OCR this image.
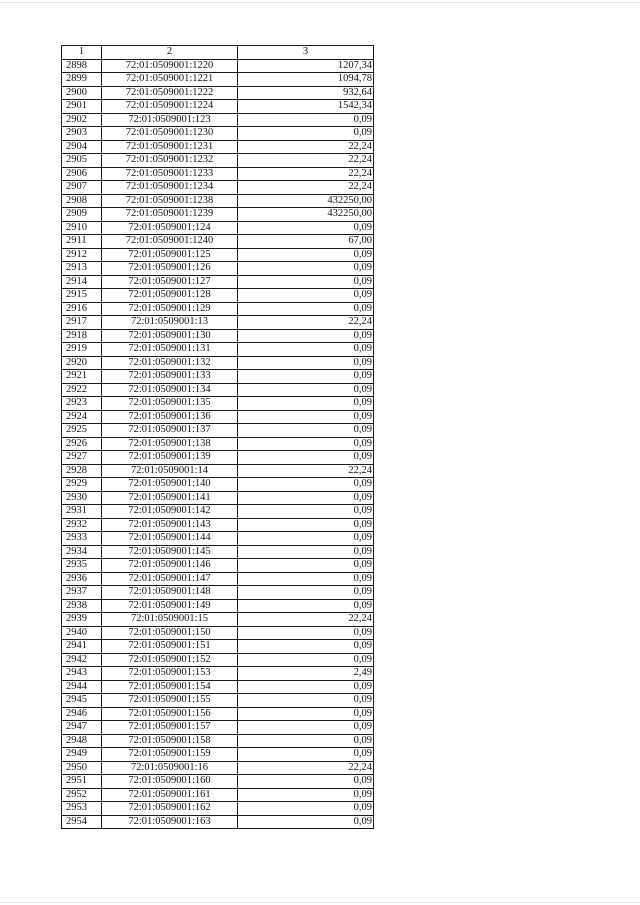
1	2	3
2898	72:01:0509001:1220	1207,34
2899	72:01:0509001:1221	1094,78
2900	72:01:0509001:1222	932,64
2901	72:01:0509001:1224	1542,34
2902	72:01:0509001:123	0,09
2903	72:01:0509001:1230	0,09
2904	72:01:0509001:1231	22,24
2905	72:01:0509001:1232	22,24
2906	72:01:0509001:1233	22,24
2907	72:01:0509001:1234	22,24
2908	72:01:0509001:1238	432250,00
2909	72:01:0509001:1239	432250,00
2910	72:01:0509001:124	0,09
2911	72:01:0509001:1240	67,00
2912	72:01:0509001:125	0,09
2913	72:01:0509001:126	0,09
2914	72:01:0509001:127	0,09
2915	72:01:0509001:128	0,09
2916	72:01:0509001:129	0,09
2917	72:01:0509001:13	22,24
2918	72:01:0509001:130	0,09
2919	72:01:0509001:131	0,09
2920	72:01:0509001:132	0,09
2921	72:01:0509001:133	0,09
2922	72:01:0509001:134	0,09
2923	72:01:0509001:135	0,09
2924	72:01:0509001:136	0,09
2925	72:01:0509001:137	0,09
2926	72:01:0509001:138	0,09
2927	72:01:0509001:139	0,09
2928	72:01:0509001:14	22,24
2929	72:01:0509001:140	0,09
2930	72:01:0509001:141	0,09
2931	72:01:0509001:142	0,09
2932	72:01:0509001:143	0,09
2933	72:01:0509001:144	0,09
2934	72:01:0509001:145	0,09
2935	72:01:0509001:146	0,09
2936	72:01:0509001:147	0,09
2937	72:01:0509001:148	0,09
2938	72:01:0509001:149	0,09
2939	72:01:0509001:15	22,24
2940	72:01:0509001:150	0,09
2941	72:01:0509001:151	0,09
2942	72:01:0509001:152	0,09
2943	72:01:0509001:153	2,49
2944	72:01:0509001:154	0,09
2945	72:01:0509001:155	0,09
2946	72:01:0509001:156	0,09
2947	72:01:0509001:157	0,09
2948	72:01:0509001:158	0,09
2949	72:01:0509001:159	0,09
2950	72:01:0509001:16	22,24
2951	72:01:0509001:160	0,09
2952	72:01:0509001:161	0,09
2953	72:01:0509001:162	0,09
2954	72:01:0509001:163	0,09
